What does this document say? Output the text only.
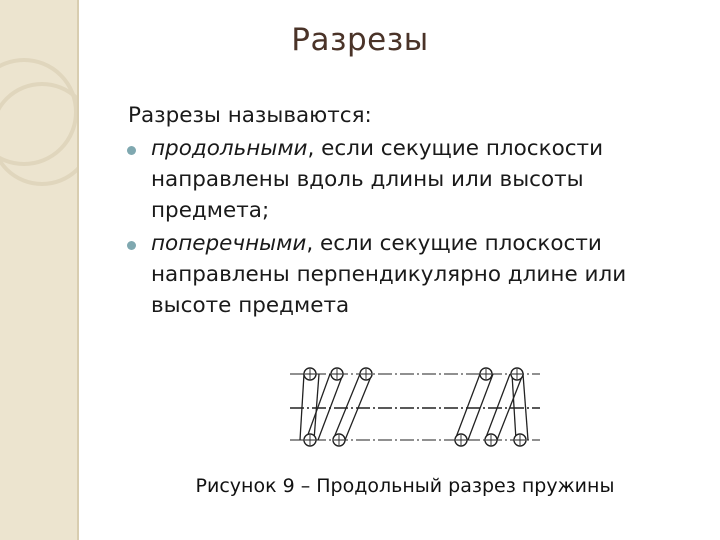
Разрезы
Разрезы называются:
продольными, если секущие плоскости направлены вдоль длины или высоты предмета;
поперечными, если секущие плоскости направлены перпендикулярно длине или высоте предмета
Рисунок 9 – Продольный разрез пружины
